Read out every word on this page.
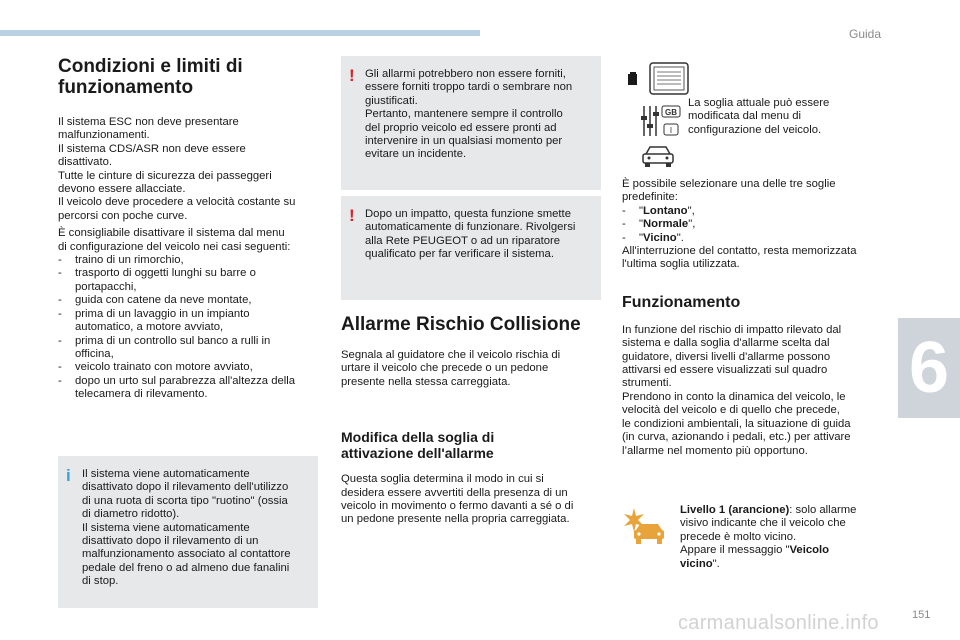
Guida
6
151
carmanualsonline.info
Condizioni e limiti di
funzionamento

Il sistema ESC non deve presentare
malfunzionamenti.
Il sistema CDS/ASR non deve essere
disattivato.
Tutte le cinture di sicurezza dei passeggeri
devono essere allacciate.
Il veicolo deve procedere a velocità costante su
percorsi con poche curve.

È consigliabile disattivare il sistema dal menu
di configurazione del veicolo nei casi seguenti:

- traino di un rimorchio,
- trasporto di oggetti lunghi su barre o
portapacchi,
- guida con catene da neve montate,
- prima di un lavaggio in un impianto
automatico, a motore avviato,
- prima di un controllo sul banco a rulli in
officina,
- veicolo trainato con motore avviato,
- dopo un urto sul parabrezza all'altezza della
telecamera di rilevamento.
i Il sistema viene automaticamente
disattivato dopo il rilevamento dell'utilizzo
di una ruota di scorta tipo "ruotino" (ossia
di diametro ridotto).
Il sistema viene automaticamente
disattivato dopo il rilevamento di un
malfunzionamento associato al contattore
pedale del freno o ad almeno due fanalini
di stop.
! Gli allarmi potrebbero non essere forniti,
essere forniti troppo tardi o sembrare non
giustificati.
Pertanto, mantenere sempre il controllo
del proprio veicolo ed essere pronti ad
intervenire in un qualsiasi momento per
evitare un incidente.
! Dopo un impatto, questa funzione smette
automaticamente di funzionare. Rivolgersi
alla Rete PEUGEOT o ad un riparatore
qualificato per far verificare il sistema.
Allarme Rischio Collisione

Segnala al guidatore che il veicolo rischia di
urtare il veicolo che precede o un pedone
presente nella stessa carreggiata.

Modifica della soglia di
attivazione dell'allarme

Questa soglia determina il modo in cui si
desidera essere avvertiti della presenza di un
veicolo in movimento o fermo davanti a sé o di
un pedone presente nella propria carreggiata.

GB
I

La soglia attuale può essere
modificata dal menu di
configurazione del veicolo.

È possibile selezionare una delle tre soglie
predefinite:

- "Lontano",
- "Normale",
- "Vicino".

All'interruzione del contatto, resta memorizzata
l'ultima soglia utilizzata.

Funzionamento

In funzione del rischio di impatto rilevato dal
sistema e dalla soglia d'allarme scelta dal
guidatore, diversi livelli d'allarme possono
attivarsi ed essere visualizzati sul quadro
strumenti.
Prendono in conto la dinamica del veicolo, le
velocità del veicolo e di quello che precede,
le condizioni ambientali, la situazione di guida
(in curva, azionando i pedali, etc.) per attivare
l’allarme nel momento più opportuno.

Livello 1 (arancione): solo allarme
visivo indicante che il veicolo che
precede è molto vicino.
Appare il messaggio "Veicolo
vicino".
